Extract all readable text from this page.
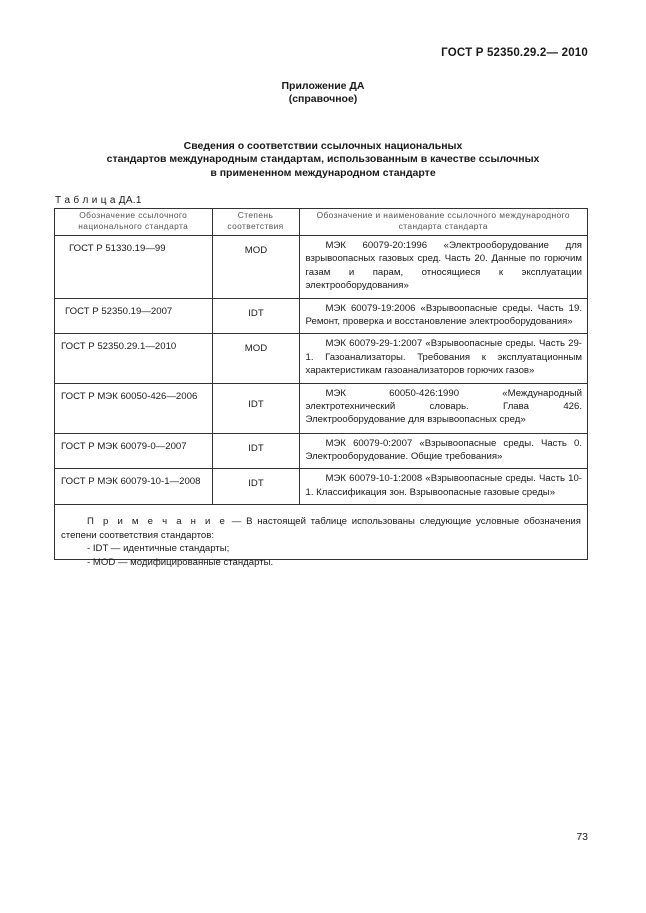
ГОСТ Р 52350.29.2— 2010
Приложение ДА
(справочное)
Сведения о соответствии ссылочных национальных
стандартов международным стандартам, использованным в качестве ссылочных
в примененном международном стандарте
Т а б л и ц а ДА.1
Обозначение ссылочного национального стандарта	Степень соответствия	Обозначение и наименование ссылочного международного стандарта стандарта
ГОСТ Р 51330.19—99	MOD	МЭК 60079-20:1996 «Электрооборудование для взрывоопасных газовых сред. Часть 20. Данные по горючим газам и парам, относящиеся к эксплуатации электрооборудования»
ГОСТ Р 52350.19—2007	IDT	МЭК 60079-19:2006 «Взрывоопасные среды. Часть 19. Ремонт, проверка и восстановление электрооборудования»
ГОСТ Р 52350.29.1—2010	MOD	МЭК 60079-29-1:2007 «Взрывоопасные среды. Часть 29-1. Газоанализаторы. Требования к эксплуатационным характеристикам газоанализаторов горючих газов»
ГОСТ Р МЭК 60050-426—2006	IDT	МЭК 60050-426:1990 «Международный электротехнический словарь. Глава 426. Электрооборудование для взрывоопасных сред»
ГОСТ Р МЭК 60079-0—2007	IDT	МЭК 60079-0:2007 «Взрывоопасные среды. Часть 0. Электрооборудование. Общие требования»
ГОСТ Р МЭК 60079-10-1—2008	IDT	МЭК 60079-10-1:2008 «Взрывоопасные среды. Часть 10-1. Классификация зон. Взрывоопасные газовые среды»

П р и м е ч а н и е — В настоящей таблице использованы следующие условные обозначения степени соответствия стандартов:

- IDT — идентичные стандарты;

- MOD — модифицированные стандарты.

73
